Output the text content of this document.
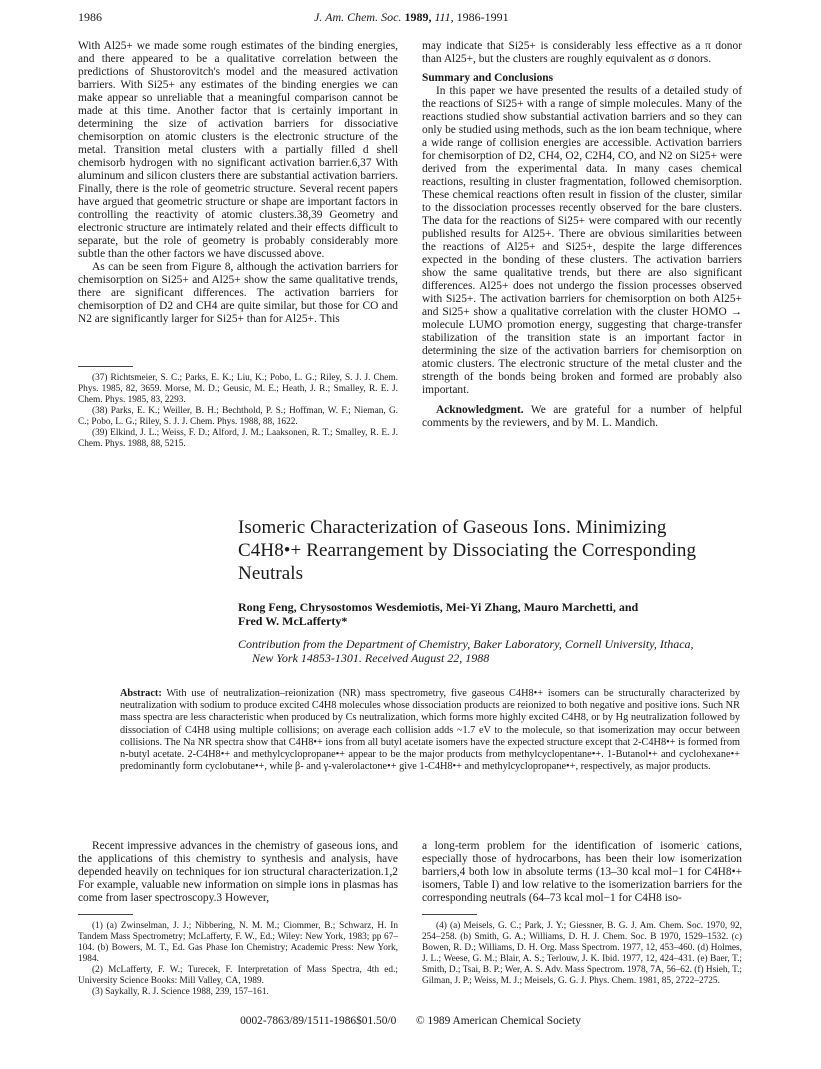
1986	J. Am. Chem. Soc. 1989, 111, 1986-1991

With Al25+ we made some rough estimates of the binding energies, and there appeared to be a qualitative correlation between the predictions of Shustorovitch's model and the measured activation barriers. With Si25+ any estimates of the binding energies we can make appear so unreliable that a meaningful comparison cannot be made at this time. Another factor that is certainly important in determining the size of activation barriers for dissociative chemisorption on atomic clusters is the electronic structure of the metal. Transition metal clusters with a partially filled d shell chemisorb hydrogen with no significant activation barrier.6,37 With aluminum and silicon clusters there are substantial activation barriers. Finally, there is the role of geometric structure. Several recent papers have argued that geometric structure or shape are important factors in controlling the reactivity of atomic clusters.38,39 Geometry and electronic structure are intimately related and their effects difficult to separate, but the role of geometry is probably considerably more subtle than the other factors we have discussed above.

As can be seen from Figure 8, although the activation barriers for chemisorption on Si25+ and Al25+ show the same qualitative trends, there are significant differences. The activation barriers for chemisorption of D2 and CH4 are quite similar, but those for CO and N2 are significantly larger for Si25+ than for Al25+. This

(37) Richtsmeier, S. C.; Parks, E. K.; Liu, K.; Pobo, L. G.; Riley, S. J. J. Chem. Phys. 1985, 82, 3659. Morse, M. D.; Geusic, M. E.; Heath, J. R.; Smalley, R. E. J. Chem. Phys. 1985, 83, 2293.

(38) Parks, E. K.; Weiller, B. H.; Bechthold, P. S.; Hoffman, W. F.; Nieman, G. C.; Pobo, L. G.; Riley, S. J. J. Chem. Phys. 1988, 88, 1622.

(39) Elkind, J. L.; Weiss, F. D.; Alford, J. M.; Laaksonen, R. T.; Smalley, R. E. J. Chem. Phys. 1988, 88, 5215.

may indicate that Si25+ is considerably less effective as a π donor than Al25+, but the clusters are roughly equivalent as σ donors.

Summary and Conclusions

In this paper we have presented the results of a detailed study of the reactions of Si25+ with a range of simple molecules. Many of the reactions studied show substantial activation barriers and so they can only be studied using methods, such as the ion beam technique, where a wide range of collision energies are accessible. Activation barriers for chemisorption of D2, CH4, O2, C2H4, CO, and N2 on Si25+ were derived from the experimental data. In many cases chemical reactions, resulting in cluster fragmentation, followed chemisorption. These chemical reactions often result in fission of the cluster, similar to the dissociation processes recently observed for the bare clusters. The data for the reactions of Si25+ were compared with our recently published results for Al25+. There are obvious similarities between the reactions of Al25+ and Si25+, despite the large differences expected in the bonding of these clusters. The activation barriers show the same qualitative trends, but there are also significant differences. Al25+ does not undergo the fission processes observed with Si25+. The activation barriers for chemisorption on both Al25+ and Si25+ show a qualitative correlation with the cluster HOMO → molecule LUMO promotion energy, suggesting that charge-transfer stabilization of the transition state is an important factor in determining the size of the activation barriers for chemisorption on atomic clusters. The electronic structure of the metal cluster and the strength of the bonds being broken and formed are probably also important.

Acknowledgment. We are grateful for a number of helpful comments by the reviewers, and by M. L. Mandich.

Isomeric Characterization of Gaseous Ions. Minimizing
C4H8•+ Rearrangement by Dissociating the Corresponding
Neutrals
Rong Feng, Chrysostomos Wesdemiotis, Mei-Yi Zhang, Mauro Marchetti, and
Fred W. McLafferty*
Contribution from the Department of Chemistry, Baker Laboratory, Cornell University, Ithaca,
New York 14853-1301. Received August 22, 1988
Abstract: With use of neutralization–reionization (NR) mass spectrometry, five gaseous C4H8•+ isomers can be structurally characterized by neutralization with sodium to produce excited C4H8 molecules whose dissociation products are reionized to both negative and positive ions. Such NR mass spectra are less characteristic when produced by Cs neutralization, which forms more highly excited C4H8, or by Hg neutralization followed by dissociation of C4H8 using multiple collisions; on average each collision adds ~1.7 eV to the molecule, so that isomerization may occur between collisions. The Na NR spectra show that C4H8•+ ions from all butyl acetate isomers have the expected structure except that 2-C4H8•+ is formed from n-butyl acetate. 2-C4H8•+ and methylcyclopropane•+ appear to be the major products from methylcyclopentane•+. 1-Butanol•+ and cyclohexane•+ predominantly form cyclobutane•+, while β- and γ-valerolactone•+ give 1-C4H8•+ and methylcyclopropane•+, respectively, as major products.

Recent impressive advances in the chemistry of gaseous ions, and the applications of this chemistry to synthesis and analysis, have depended heavily on techniques for ion structural characterization.1,2 For example, valuable new information on simple ions in plasmas has come from laser spectroscopy.3 However,

a long-term problem for the identification of isomeric cations, especially those of hydrocarbons, has been their low isomerization barriers,4 both low in absolute terms (13–30 kcal mol−1 for C4H8•+ isomers, Table I) and low relative to the isomerization barriers for the corresponding neutrals (64–73 kcal mol−1 for C4H8 iso-

(1) (a) Zwinselman, J. J.; Nibbering, N. M. M.; Ciommer, B.; Schwarz, H. In Tandem Mass Spectrometry; McLafferty, F. W., Ed.; Wiley: New York, 1983; pp 67–104. (b) Bowers, M. T., Ed. Gas Phase Ion Chemistry; Academic Press: New York, 1984.

(2) McLafferty, F. W.; Turecek, F. Interpretation of Mass Spectra, 4th ed.; University Science Books: Mill Valley, CA, 1989.

(3) Saykally, R. J. Science 1988, 239, 157–161.

(4) (a) Meisels, G. C.; Park, J. Y.; Giessner, B. G. J. Am. Chem. Soc. 1970, 92, 254–258. (b) Smith, G. A.; Williams, D. H. J. Chem. Soc. B 1970, 1529–1532. (c) Bowen, R. D.; Williams, D. H. Org. Mass Spectrom. 1977, 12, 453–460. (d) Holmes, J. L.; Weese, G. M.; Blair, A. S.; Terlouw, J. K. Ibid. 1977, 12, 424–431. (e) Baer, T.; Smith, D.; Tsai, B. P.; Wer, A. S. Adv. Mass Spectrom. 1978, 7A, 56–62. (f) Hsieh, T.; Gilman, J. P.; Weiss, M. J.; Meisels, G. G. J. Phys. Chem. 1981, 85, 2722–2725.

0002-7863/89/1511-1986$01.50/0 © 1989 American Chemical Society
